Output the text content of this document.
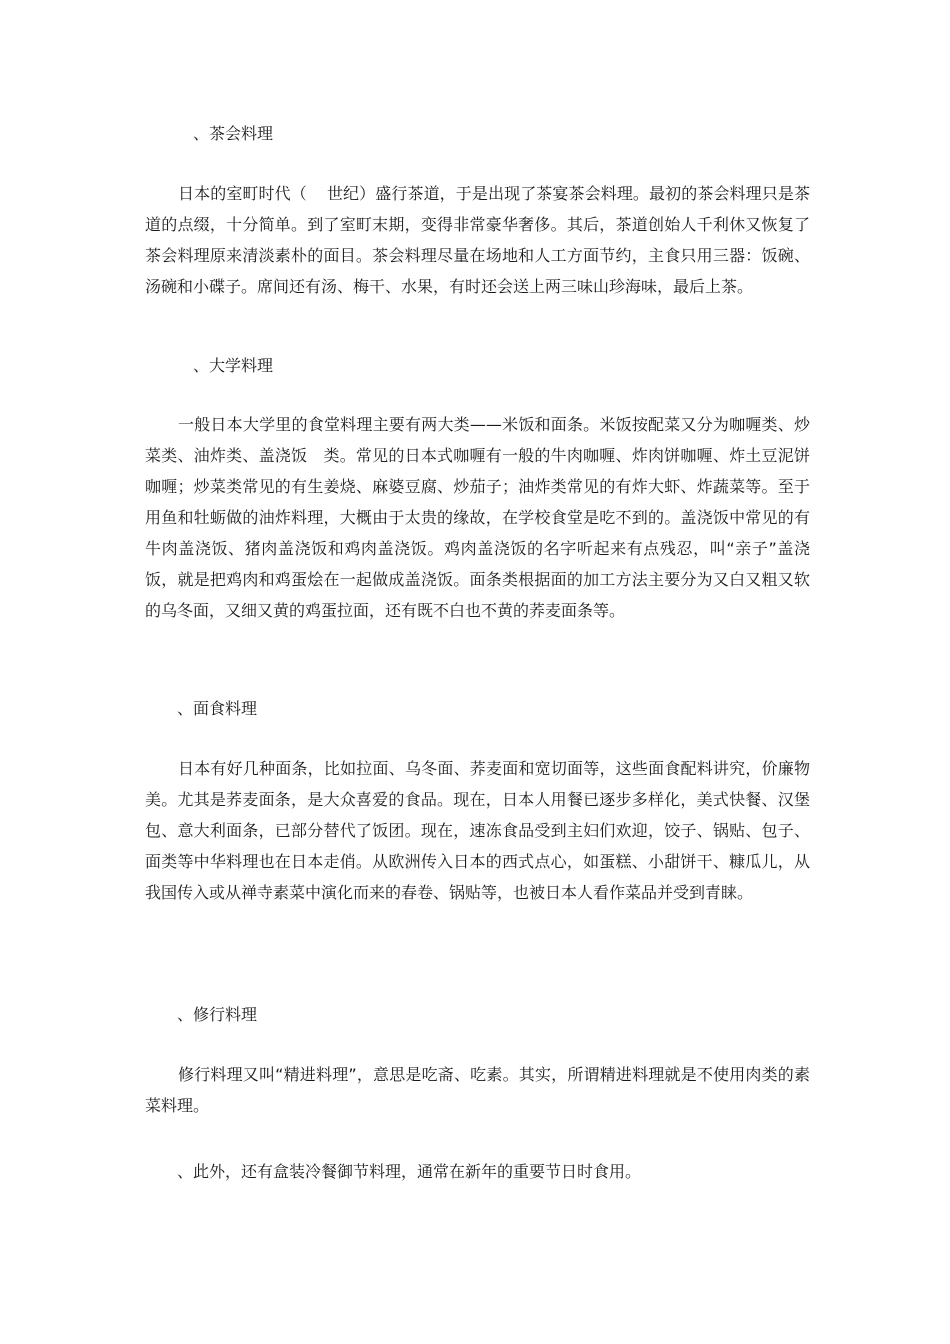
、茶会料理
日本的室町时代（ 世纪）盛行茶道，于是出现了茶宴茶会料理。最初的茶会料理只是茶道的点缀，十分简单。到了室町末期，变得非常豪华奢侈。其后，茶道创始人千利休又恢复了茶会料理原来清淡素朴的面目。茶会料理尽量在场地和人工方面节约，主食只用三器：饭碗、汤碗和小碟子。席间还有汤、梅干、水果，有时还会送上两三味山珍海味，最后上茶。
、大学料理
一般日本大学里的食堂料理主要有两大类——米饭和面条。米饭按配菜又分为咖喱类、炒菜类、油炸类、盖浇饭 类。常见的日本式咖喱有一般的牛肉咖喱、炸肉饼咖喱、炸土豆泥饼咖喱；炒菜类常见的有生姜烧、麻婆豆腐、炒茄子；油炸类常见的有炸大虾、炸蔬菜等。至于用鱼和牡蛎做的油炸料理，大概由于太贵的缘故，在学校食堂是吃不到的。盖浇饭中常见的有牛肉盖浇饭、猪肉盖浇饭和鸡肉盖浇饭。鸡肉盖浇饭的名字听起来有点残忍，叫“亲子”盖浇饭，就是把鸡肉和鸡蛋烩在一起做成盖浇饭。面条类根据面的加工方法主要分为又白又粗又软的乌冬面，又细又黄的鸡蛋拉面，还有既不白也不黄的荞麦面条等。
、面食料理
日本有好几种面条，比如拉面、乌冬面、荞麦面和宽切面等，这些面食配料讲究，价廉物美。尤其是荞麦面条，是大众喜爱的食品。现在，日本人用餐已逐步多样化，美式快餐、汉堡包、意大利面条，已部分替代了饭团。现在，速冻食品受到主妇们欢迎，饺子、锅贴、包子、面类等中华料理也在日本走俏。从欧洲传入日本的西式点心，如蛋糕、小甜饼干、糠瓜儿，从我国传入或从禅寺素菜中演化而来的春卷、锅贴等，也被日本人看作菜品并受到青睐。
、修行料理
修行料理又叫“精进料理”，意思是吃斋、吃素。其实，所谓精进料理就是不使用肉类的素菜料理。
、此外，还有盒装冷餐御节料理，通常在新年的重要节日时食用。
